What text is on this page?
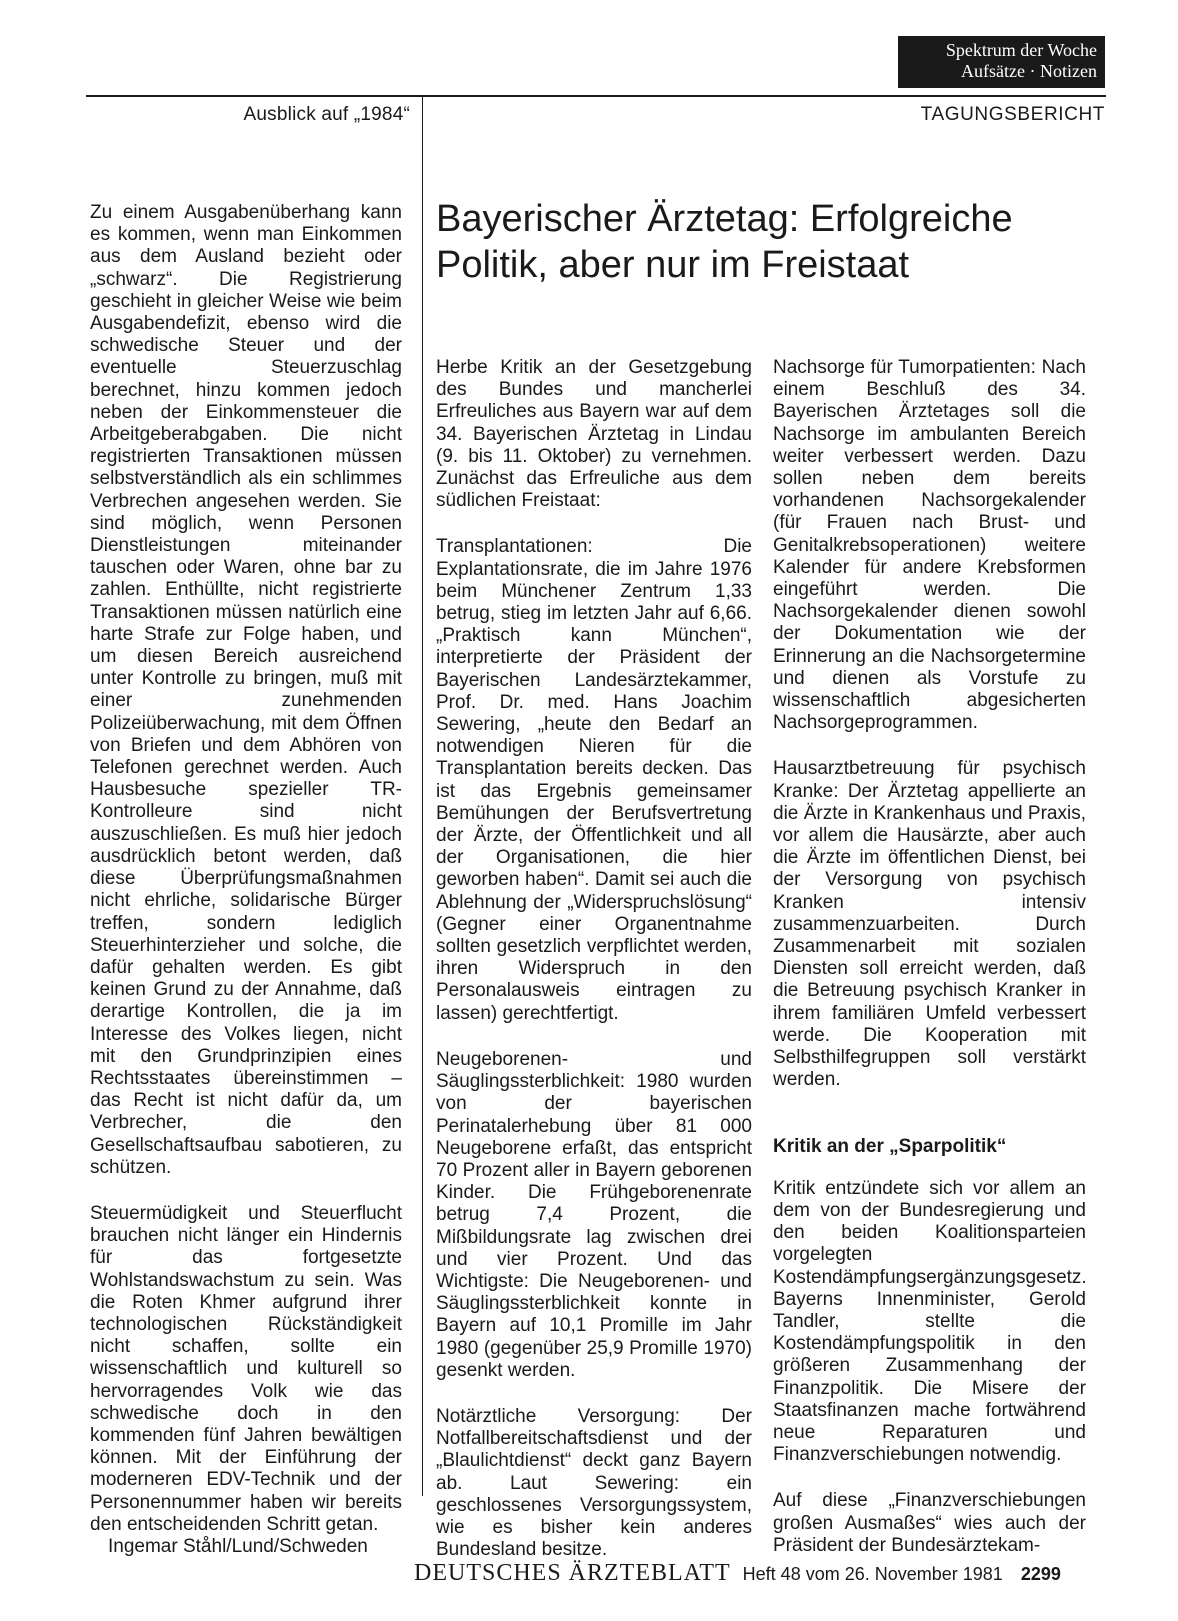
Spektrum der Woche
Aufsätze · Notizen
Ausblick auf „1984“	TAGUNGSBERICHT
Bayerischer Ärztetag: Erfolgreiche Politik, aber nur im Freistaat

Zu einem Ausgabenüberhang kann es kommen, wenn man Einkommen aus dem Ausland bezieht oder „schwarz“. Die Registrierung geschieht in gleicher Weise wie beim Ausgabendefizit, ebenso wird die schwedische Steuer und der eventuelle Steuerzuschlag berechnet, hinzu kommen jedoch neben der Einkommensteuer die Arbeitgeberabgaben. Die nicht registrierten Transaktionen müssen selbstverständlich als ein schlimmes Verbrechen angesehen werden. Sie sind möglich, wenn Personen Dienstleistungen miteinander tauschen oder Waren, ohne bar zu zahlen. Enthüllte, nicht registrierte Transaktionen müssen natürlich eine harte Strafe zur Folge haben, und um diesen Bereich ausreichend unter Kontrolle zu bringen, muß mit einer zunehmenden Polizeiüberwachung, mit dem Öffnen von Briefen und dem Abhören von Telefonen gerechnet werden. Auch Hausbesuche spezieller TR-Kontrolleure sind nicht auszuschließen. Es muß hier jedoch ausdrücklich betont werden, daß diese Überprüfungsmaßnahmen nicht ehrliche, solidarische Bürger treffen, sondern lediglich Steuerhinterzieher und solche, die dafür gehalten werden. Es gibt keinen Grund zu der Annahme, daß derartige Kontrollen, die ja im Interesse des Volkes liegen, nicht mit den Grundprinzipien eines Rechtsstaates übereinstimmen – das Recht ist nicht dafür da, um Verbrecher, die den Gesellschaftsaufbau sabotieren, zu schützen.

Steuermüdigkeit und Steuerflucht brauchen nicht länger ein Hindernis für das fortgesetzte Wohlstandswachstum zu sein. Was die Roten Khmer aufgrund ihrer technologischen Rückständigkeit nicht schaffen, sollte ein wissenschaftlich und kulturell so hervorragendes Volk wie das schwedische doch in den kommenden fünf Jahren bewältigen können. Mit der Einführung der moderneren EDV-Technik und der Personennummer haben wir bereits den entscheidenden Schritt getan.

Ingemar Ståhl/Lund/Schweden

Herbe Kritik an der Gesetzgebung des Bundes und mancherlei Erfreuliches aus Bayern war auf dem 34. Bayerischen Ärztetag in Lindau (9. bis 11. Oktober) zu vernehmen. Zunächst das Erfreuliche aus dem südlichen Freistaat:

Transplantationen: Die Explantationsrate, die im Jahre 1976 beim Münchener Zentrum 1,33 betrug, stieg im letzten Jahr auf 6,66. „Praktisch kann München“, interpretierte der Präsident der Bayerischen Landesärztekammer, Prof. Dr. med. Hans Joachim Sewering, „heute den Bedarf an notwendigen Nieren für die Transplantation bereits decken. Das ist das Ergebnis gemeinsamer Bemühungen der Berufsvertretung der Ärzte, der Öffentlichkeit und all der Organisationen, die hier geworben haben“. Damit sei auch die Ablehnung der „Widerspruchslösung“ (Gegner einer Organentnahme sollten gesetzlich verpflichtet werden, ihren Widerspruch in den Personalausweis eintragen zu lassen) gerechtfertigt.

Neugeborenen- und Säuglingssterblichkeit: 1980 wurden von der bayerischen Perinatalerhebung über 81 000 Neugeborene erfaßt, das entspricht 70 Prozent aller in Bayern geborenen Kinder. Die Frühgeborenenrate betrug 7,4 Prozent, die Mißbildungsrate lag zwischen drei und vier Prozent. Und das Wichtigste: Die Neugeborenen- und Säuglingssterblichkeit konnte in Bayern auf 10,1 Promille im Jahr 1980 (gegenüber 25,9 Promille 1970) gesenkt werden.

Notärztliche Versorgung: Der Notfallbereitschaftsdienst und der „Blaulichtdienst“ deckt ganz Bayern ab. Laut Sewering: ein geschlossenes Versorgungssystem, wie es bisher kein anderes Bundesland besitze.

Nachsorge für Tumorpatienten: Nach einem Beschluß des 34. Bayerischen Ärztetages soll die Nachsorge im ambulanten Bereich weiter verbessert werden. Dazu sollen neben dem bereits vorhandenen Nachsorgekalender (für Frauen nach Brust- und Genitalkrebsoperationen) weitere Kalender für andere Krebsformen eingeführt werden. Die Nachsorgekalender dienen sowohl der Dokumentation wie der Erinnerung an die Nachsorgetermine und dienen als Vorstufe zu wissenschaftlich abgesicherten Nachsorgeprogrammen.

Hausarztbetreuung für psychisch Kranke: Der Ärztetag appellierte an die Ärzte in Krankenhaus und Praxis, vor allem die Hausärzte, aber auch die Ärzte im öffentlichen Dienst, bei der Versorgung von psychisch Kranken intensiv zusammenzuarbeiten. Durch Zusammenarbeit mit sozialen Diensten soll erreicht werden, daß die Betreuung psychisch Kranker in ihrem familiären Umfeld verbessert werde. Die Kooperation mit Selbsthilfegruppen soll verstärkt werden.

Kritik an der „Sparpolitik“

Kritik entzündete sich vor allem an dem von der Bundesregierung und den beiden Koalitionsparteien vorgelegten Kostendämpfungsergänzungsgesetz. Bayerns Innenminister, Gerold Tandler, stellte die Kostendämpfungspolitik in den größeren Zusammenhang der Finanzpolitik. Die Misere der Staatsfinanzen mache fortwährend neue Reparaturen und Finanzverschiebungen notwendig.

Auf diese „Finanzverschiebungen großen Ausmaßes“ wies auch der Präsident der Bundesärztekam-

DEUTSCHES ÄRZTEBLATT Heft 48 vom 26. November 1981 2299
